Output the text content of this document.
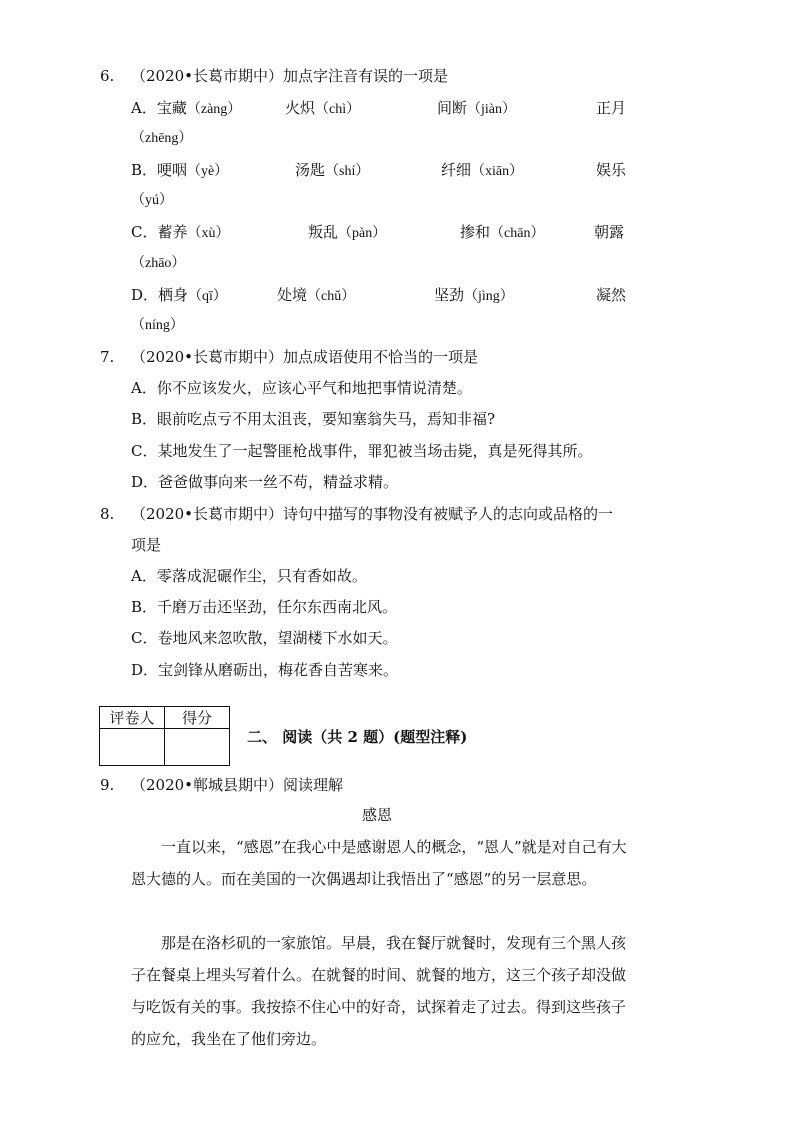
6. （2020•长葛市期中）加点字注音有误的一项是
A．宝藏（zàng）	火炽（chì）	间断（jiàn）	正月
（zhēng）
B．哽咽（yè）	汤匙（shí）	纤细（xiān）	娱乐
（yú）
C．蓄养（xù）	叛乱（pàn）	掺和（chān）	朝露
（zhāo）
D．栖身（qī）	处境（chǔ）	坚劲（jìng）	凝然
（níng）
7. （2020•长葛市期中）加点成语使用不恰当的一项是
A．你不应该发火，应该心平气和地把事情说清楚。
B．眼前吃点亏不用太沮丧，要知塞翁失马，焉知非福?
C．某地发生了一起警匪枪战事件，罪犯被当场击毙，真是死得其所。
D．爸爸做事向来一丝不苟，精益求精。
8. （2020•长葛市期中）诗句中描写的事物没有被赋予人的志向或品格的一
项是
A．零落成泥碾作尘，只有香如故。
B．千磨万击还坚劲，任尔东西南北风。
C．卷地风来忽吹散，望湖楼下水如天。
D．宝剑锋从磨砺出，梅花香自苦寒来。
评卷人	得分

二、 阅读（共 2 题）(题型注释)
9. （2020•郸城县期中）阅读理解
感恩
一直以来，“感恩”在我心中是感谢恩人的概念，“恩人”就是对自己有大恩大德的人。而在美国的一次偶遇却让我悟出了“感恩”的另一层意思。
那是在洛杉矶的一家旅馆。早晨，我在餐厅就餐时，发现有三个黑人孩子在餐桌上埋头写着什么。在就餐的时间、就餐的地方，这三个孩子却没做与吃饭有关的事。我按捺不住心中的好奇，试探着走了过去。得到这些孩子的应允，我坐在了他们旁边。
